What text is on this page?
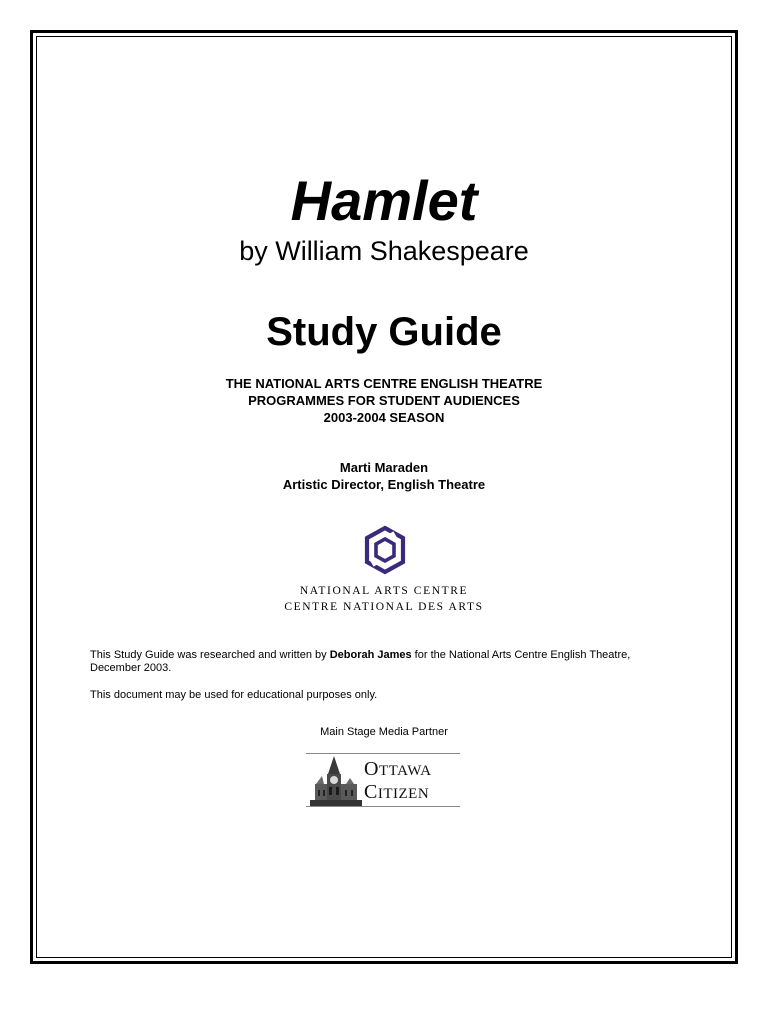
Hamlet
by William Shakespeare
Study Guide
THE NATIONAL ARTS CENTRE ENGLISH THEATRE
PROGRAMMES FOR STUDENT AUDIENCES
2003-2004 SEASON
Marti Maraden
Artistic Director, English Theatre
NATIONAL ARTS CENTRE
CENTRE NATIONAL DES ARTS
This Study Guide was researched and written by Deborah James for the National Arts Centre English Theatre, December 2003.
This document may be used for educational purposes only.
Main Stage Media Partner
OTTAWA
CITIZEN
